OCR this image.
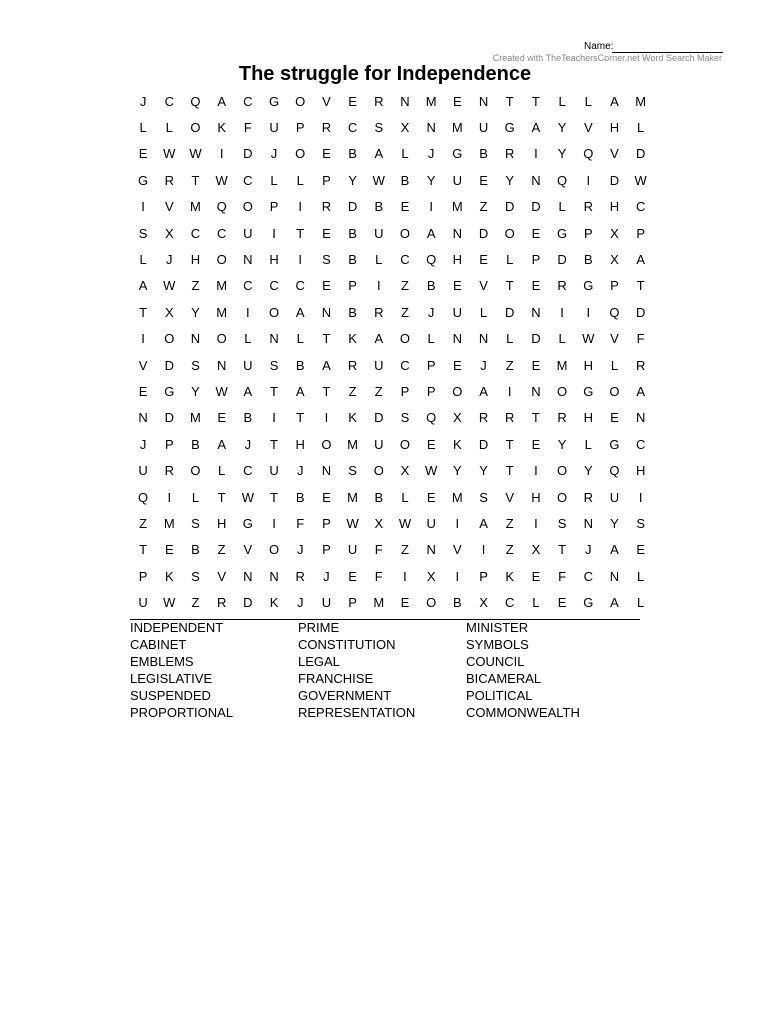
Name:
Created with TheTeachersCorner.net Word Search Maker
The struggle for Independence
J	C	Q	A	C	G	O	V	E	R	N	M	E	N	T	T	L	L	A	M
L	L	O	K	F	U	P	R	C	S	X	N	M	U	G	A	Y	V	H	L
E	W	W	I	D	J	O	E	B	A	L	J	G	B	R	I	Y	Q	V	D
G	R	T	W	C	L	L	P	Y	W	B	Y	U	E	Y	N	Q	I	D	W
I	V	M	Q	O	P	I	R	D	B	E	I	M	Z	D	D	L	R	H	C
S	X	C	C	U	I	T	E	B	U	O	A	N	D	O	E	G	P	X	P
L	J	H	O	N	H	I	S	B	L	C	Q	H	E	L	P	D	B	X	A
A	W	Z	M	C	C	C	E	P	I	Z	B	E	V	T	E	R	G	P	T
T	X	Y	M	I	O	A	N	B	R	Z	J	U	L	D	N	I	I	Q	D
I	O	N	O	L	N	L	T	K	A	O	L	N	N	L	D	L	W	V	F
V	D	S	N	U	S	B	A	R	U	C	P	E	J	Z	E	M	H	L	R
E	G	Y	W	A	T	A	T	Z	Z	P	P	O	A	I	N	O	G	O	A
N	D	M	E	B	I	T	I	K	D	S	Q	X	R	R	T	R	H	E	N
J	P	B	A	J	T	H	O	M	U	O	E	K	D	T	E	Y	L	G	C
U	R	O	L	C	U	J	N	S	O	X	W	Y	Y	T	I	O	Y	Q	H
Q	I	L	T	W	T	B	E	M	B	L	E	M	S	V	H	O	R	U	I
Z	M	S	H	G	I	F	P	W	X	W	U	I	A	Z	I	S	N	Y	S
T	E	B	Z	V	O	J	P	U	F	Z	N	V	I	Z	X	T	J	A	E
P	K	S	V	N	N	R	J	E	F	I	X	I	P	K	E	F	C	N	L
U	W	Z	R	D	K	J	U	P	M	E	O	B	X	C	L	E	G	A	L
INDEPENDENT
CABINET
EMBLEMS
LEGISLATIVE
SUSPENDED
PROPORTIONAL
PRIME
CONSTITUTION
LEGAL
FRANCHISE
GOVERNMENT
REPRESENTATION
MINISTER
SYMBOLS
COUNCIL
BICAMERAL
POLITICAL
COMMONWEALTH
